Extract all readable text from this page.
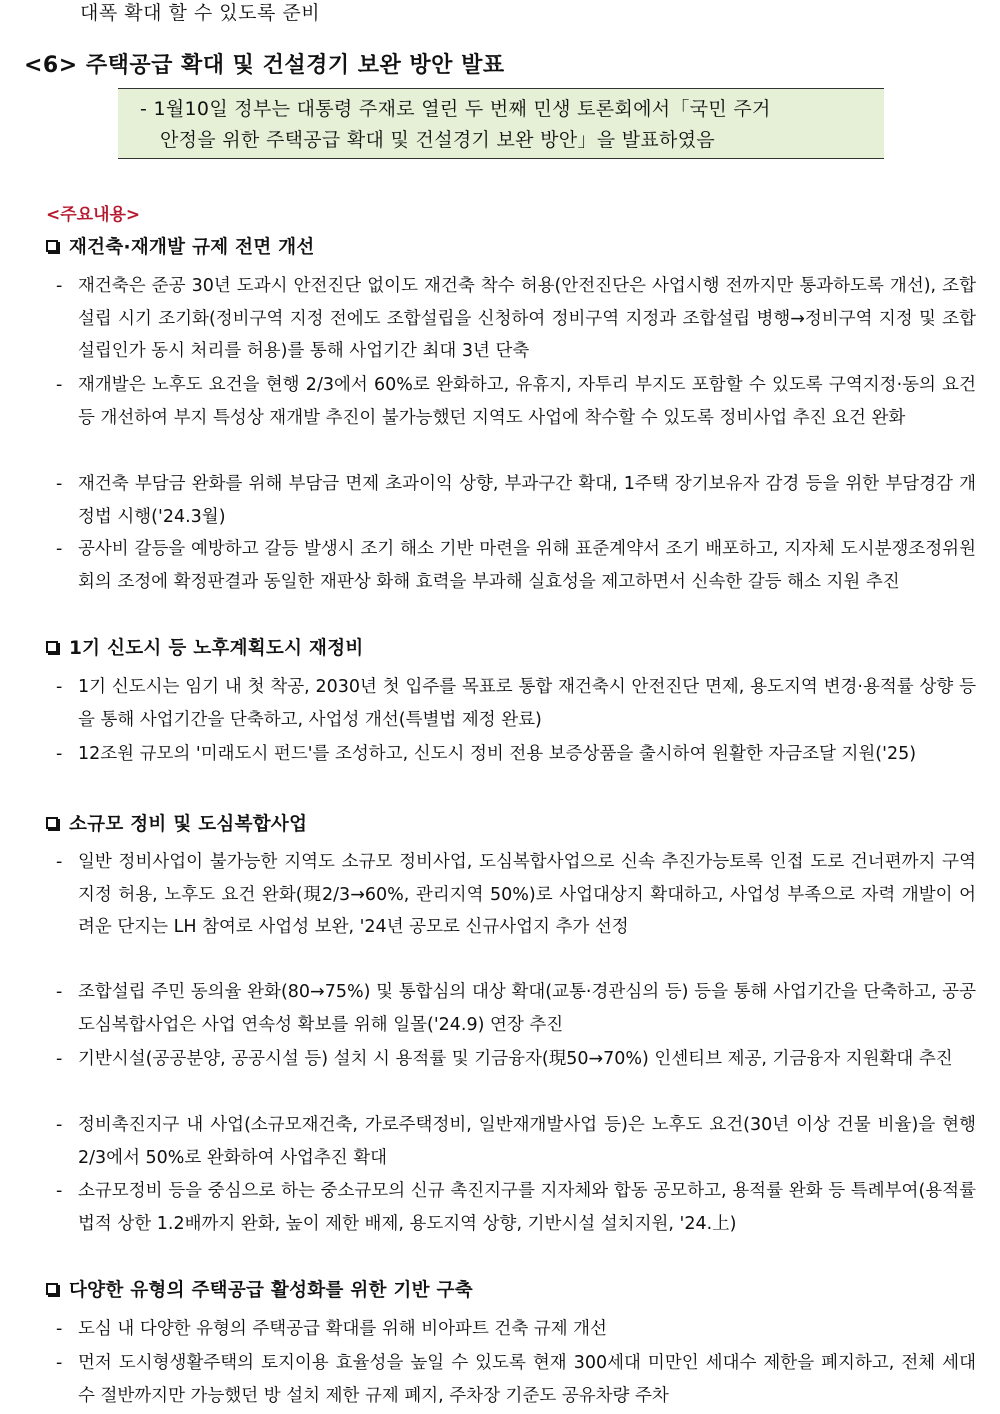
대폭 확대 할 수 있도록 준비
<6> 주택공급 확대 및 건설경기 보완 방안 발표
- 1월10일 정부는 대통령 주재로 열린 두 번째 민생 토론회에서「국민 주거
안정을 위한 주택공급 확대 및 건설경기 보완 방안」을 발표하였음
<주요내용>
재건축·재개발 규제 전면 개선
- 재건축은 준공 30년 도과시 안전진단 없이도 재건축 착수 허용(안전진단은 사업시행 전까지만 통과하도록 개선), 조합설립 시기 조기화(정비구역 지정 전에도 조합설립을 신청하여 정비구역 지정과 조합설립 병행→정비구역 지정 및 조합 설립인가 동시 처리를 허용)를 통해 사업기간 최대 3년 단축
- 재개발은 노후도 요건을 현행 2/3에서 60%로 완화하고, 유휴지, 자투리 부지도 포함할 수 있도록 구역지정·동의 요건 등 개선하여 부지 특성상 재개발 추진이 불가능했던 지역도 사업에 착수할 수 있도록 정비사업 추진 요건 완화
- 재건축 부담금 완화를 위해 부담금 면제 초과이익 상향, 부과구간 확대, 1주택 장기보유자 감경 등을 위한 부담경감 개정법 시행('24.3월)
- 공사비 갈등을 예방하고 갈등 발생시 조기 해소 기반 마련을 위해 표준계약서 조기 배포하고, 지자체 도시분쟁조정위원회의 조정에 확정판결과 동일한 재판상 화해 효력을 부과해 실효성을 제고하면서 신속한 갈등 해소 지원 추진
1기 신도시 등 노후계획도시 재정비
- 1기 신도시는 임기 내 첫 착공, 2030년 첫 입주를 목표로 통합 재건축시 안전진단 면제, 용도지역 변경·용적률 상향 등을 통해 사업기간을 단축하고, 사업성 개선(특별법 제정 완료)
- 12조원 규모의 '미래도시 펀드'를 조성하고, 신도시 정비 전용 보증상품을 출시하여 원활한 자금조달 지원('25)
소규모 정비 및 도심복합사업
- 일반 정비사업이 불가능한 지역도 소규모 정비사업, 도심복합사업으로 신속 추진가능토록 인접 도로 건너편까지 구역지정 허용, 노후도 요건 완화(現2/3→60%, 관리지역 50%)로 사업대상지 확대하고, 사업성 부족으로 자력 개발이 어려운 단지는 LH 참여로 사업성 보완, '24년 공모로 신규사업지 추가 선정
- 조합설립 주민 동의율 완화(80→75%) 및 통합심의 대상 확대(교통·경관심의 등) 등을 통해 사업기간을 단축하고, 공공 도심복합사업은 사업 연속성 확보를 위해 일몰('24.9) 연장 추진
- 기반시설(공공분양, 공공시설 등) 설치 시 용적률 및 기금융자(現50→70%) 인센티브 제공, 기금융자 지원확대 추진
- 정비촉진지구 내 사업(소규모재건축, 가로주택정비, 일반재개발사업 등)은 노후도 요건(30년 이상 건물 비율)을 현행 2/3에서 50%로 완화하여 사업추진 확대
- 소규모정비 등을 중심으로 하는 중소규모의 신규 촉진지구를 지자체와 합동 공모하고, 용적률 완화 등 특례부여(용적률 법적 상한 1.2배까지 완화, 높이 제한 배제, 용도지역 상향, 기반시설 설치지원, '24.上)
다양한 유형의 주택공급 활성화를 위한 기반 구축
- 도심 내 다양한 유형의 주택공급 확대를 위해 비아파트 건축 규제 개선
- 먼저 도시형생활주택의 토지이용 효율성을 높일 수 있도록 현재 300세대 미만인 세대수 제한을 폐지하고, 전체 세대 수 절반까지만 가능했던 방 설치 제한 규제 폐지, 주차장 기준도 공유차량 주차
